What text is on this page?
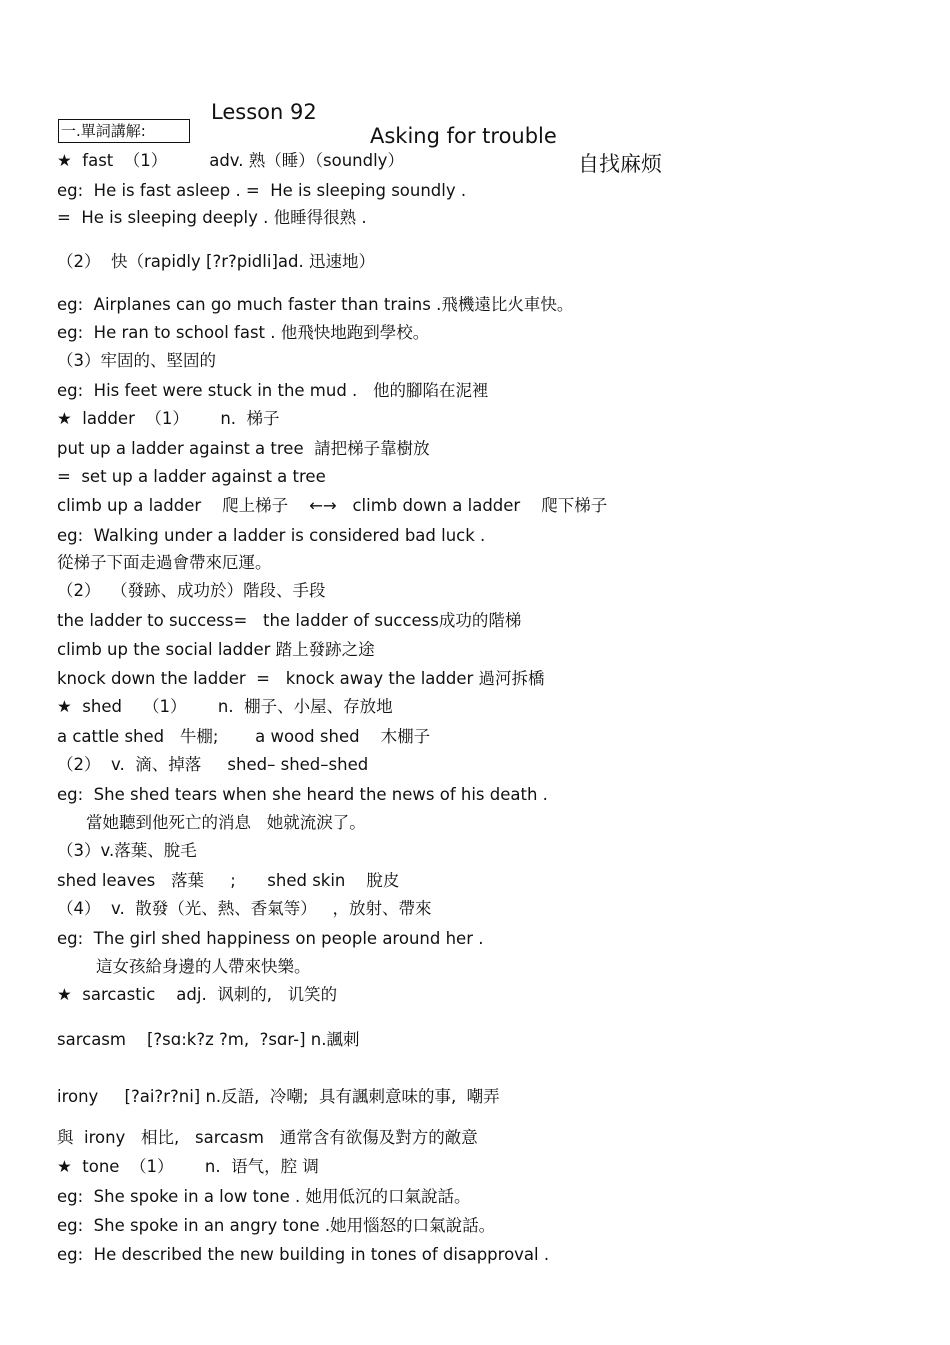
Lesson 92

Asking for trouble

自找麻烦

一.單詞講解:
★  fast  （1）        adv. 熟（睡）（soundly）
eg:  He is fast asleep . =  He is sleeping soundly .
=  He is sleeping deeply . 他睡得很熟 .
（2）  快（rapidly [?r?pidli]ad. 迅速地）
eg:  Airplanes can go much faster than trains .飛機遠比火車快。
eg:  He ran to school fast . 他飛快地跑到學校。
（3）牢固的、堅固的
eg:  His feet were stuck in the mud .   他的腳陷在泥裡
★  ladder  （1）      n.  梯子
put up a ladder against a tree  請把梯子靠樹放
=  set up a ladder against a tree
climb up a ladder    爬上梯子    ←→   climb down a ladder    爬下梯子
eg:  Walking under a ladder is considered bad luck .
從梯子下面走過會帶來厄運。
（2）  （發跡、成功於）階段、手段
the ladder to success=   the ladder of success成功的階梯
climb up the social ladder 踏上發跡之途
knock down the ladder  =   knock away the ladder 過河拆橋
★  shed    （1）      n.  棚子、小屋、存放地
a cattle shed   牛棚;       a wood shed    木棚子
（2）  v.  滴、掉落     shed– shed–shed
eg:  She shed tears when she heard the news of his death .
當她聽到他死亡的消息   她就流淚了。
（3）v.落葉、脫毛
shed leaves   落葉     ;      shed skin    脫皮
（4）  v.  散發（光、熱、香氣等）   ，放射、帶來
eg:  The girl shed happiness on people around her .
這女孩給身邊的人帶來快樂。
★  sarcastic    adj.  讽刺的,   讥笑的
sarcasm    [?sɑ:k?z ?m,  ?sɑr-] n.諷刺
irony     [?ai?r?ni] n.反語,  冷嘲;  具有諷刺意味的事,  嘲弄
與  irony   相比,   sarcasm   通常含有欲傷及對方的敵意
★  tone  （1）      n.  语气，腔 调
eg:  She spoke in a low tone . 她用低沉的口氣說話。
eg:  She spoke in an angry tone .她用惱怒的口氣說話。
eg:  He described the new building in tones of disapproval .
